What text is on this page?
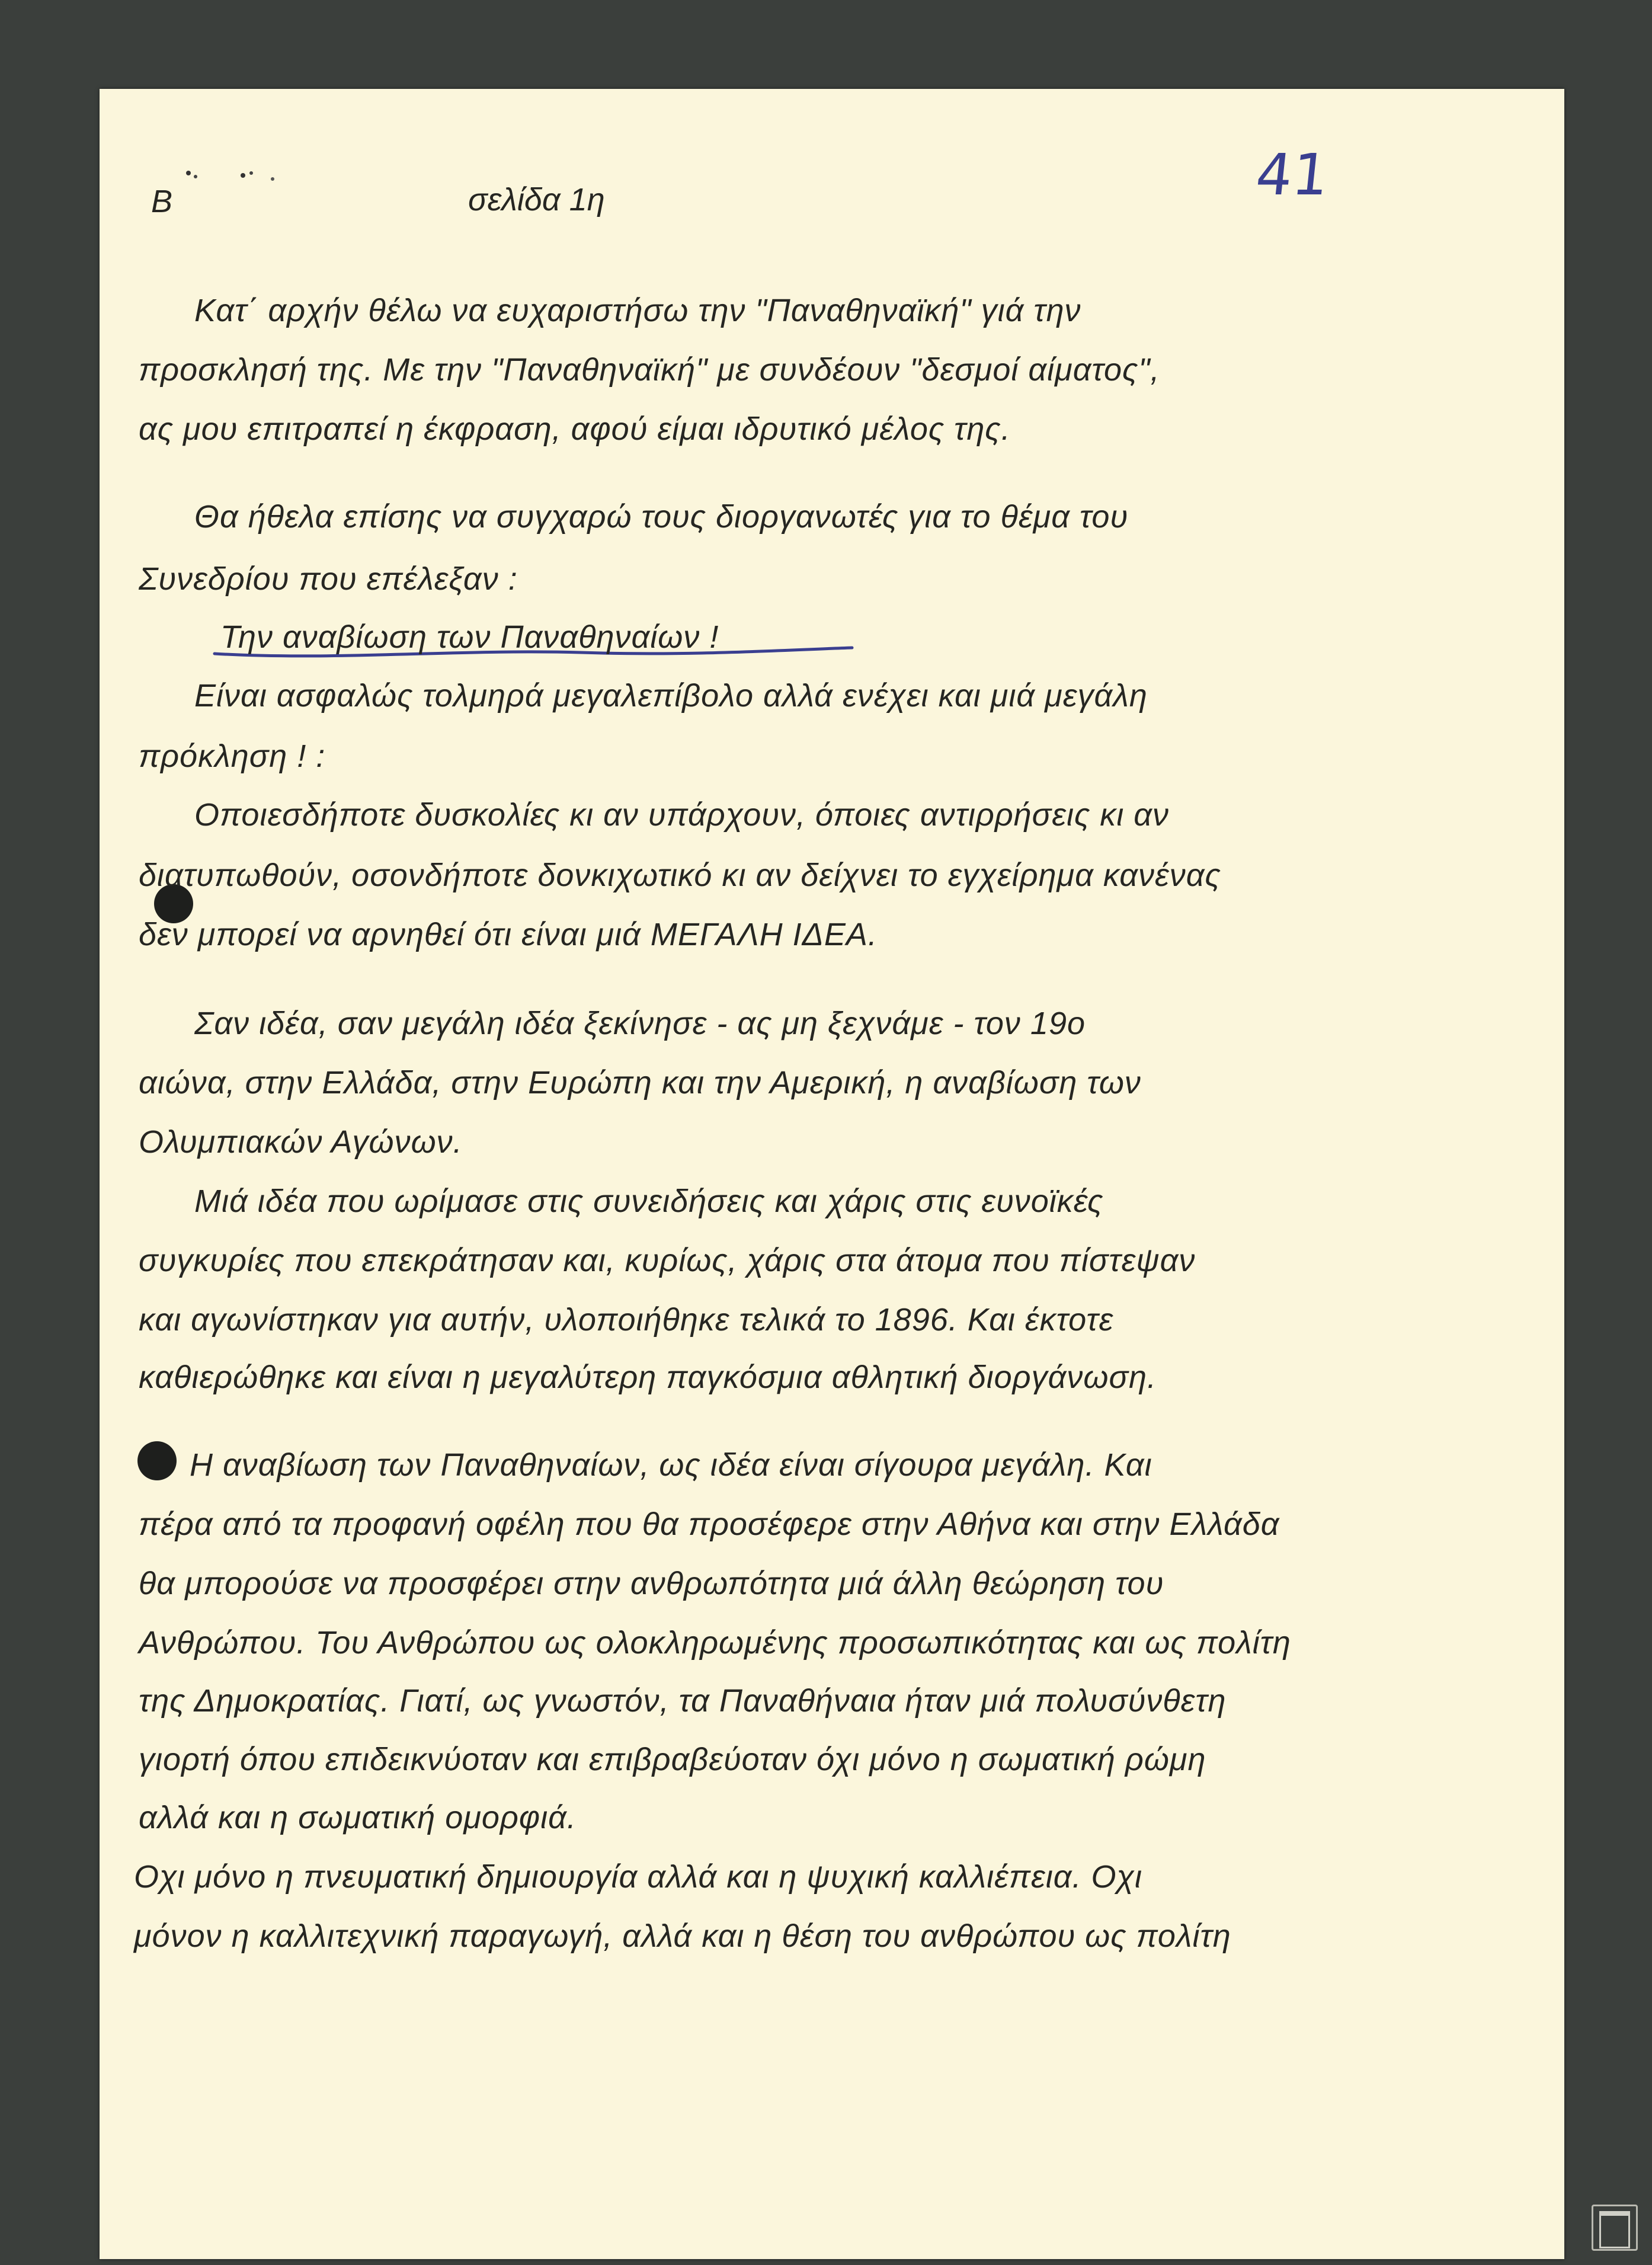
Β	σελίδα 1η	41

Κατ΄ αρχήν θέλω να ευχαριστήσω την "Παναθηναϊκή" γιά την

προσκλησή της. Με την "Παναθηναϊκή" με συνδέουν "δεσμοί αίματος",

ας μου επιτραπεί η έκφραση, αφού είμαι ιδρυτικό μέλος της.

Θα ήθελα επίσης να συγχαρώ τους διοργανωτές για το θέμα του

Συνεδρίου που επέλεξαν :

Την αναβίωση των Παναθηναίων !

Είναι ασφαλώς τολμηρά μεγαλεπίβολο αλλά ενέχει και μιά μεγάλη

πρόκληση ! :

Οποιεσδήποτε δυσκολίες κι αν υπάρχουν, όποιες αντιρρήσεις κι αν

διατυπωθούν, οσονδήποτε δονκιχωτικό κι αν δείχνει το εγχείρημα κανένας

δεν μπορεί να αρνηθεί ότι είναι μιά ΜΕΓΑΛΗ ΙΔΕΑ.

Σαν ιδέα, σαν μεγάλη ιδέα ξεκίνησε - ας μη ξεχνάμε - τον 19ο

αιώνα, στην Ελλάδα, στην Ευρώπη και την Αμερική, η αναβίωση των

Ολυμπιακών Αγώνων.

Μιά ιδέα που ωρίμασε στις συνειδήσεις και χάρις στις ευνοϊκές

συγκυρίες που επεκράτησαν και, κυρίως, χάρις στα άτομα που πίστεψαν

και αγωνίστηκαν για αυτήν, υλοποιήθηκε τελικά το 1896. Και έκτοτε

καθιερώθηκε και είναι η μεγαλύτερη παγκόσμια αθλητική διοργάνωση.

Η αναβίωση των Παναθηναίων, ως ιδέα είναι σίγουρα μεγάλη. Και

πέρα από τα προφανή οφέλη που θα προσέφερε στην Αθήνα και στην Ελλάδα

θα μπορούσε να προσφέρει στην ανθρωπότητα μιά άλλη θεώρηση του

Ανθρώπου. Του Ανθρώπου ως ολοκληρωμένης προσωπικότητας και ως πολίτη

της Δημοκρατίας. Γιατί, ως γνωστόν, τα Παναθήναια ήταν μιά πολυσύνθετη

γιορτή όπου επιδεικνύοταν και επιβραβεύοταν όχι μόνο η σωματική ρώμη

αλλά και η σωματική ομορφιά.

Οχι μόνο η πνευματική δημιουργία αλλά και η ψυχική καλλιέπεια. Οχι

μόνον η καλλιτεχνική παραγωγή, αλλά και η θέση του ανθρώπου ως πολίτη
